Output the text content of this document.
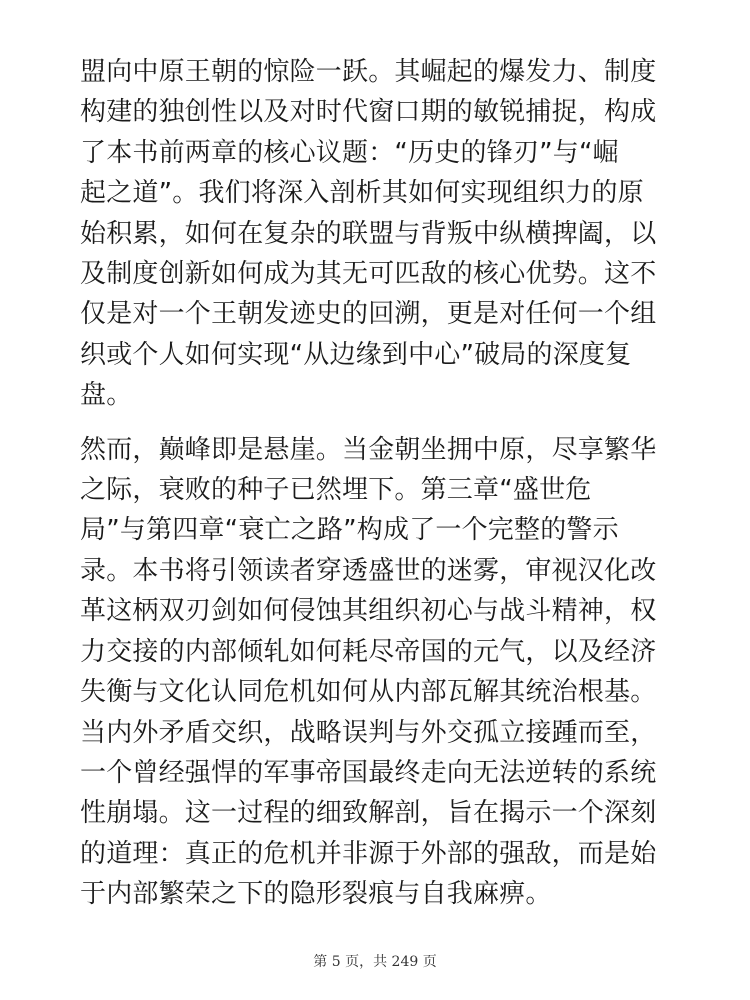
盟向中原王朝的惊险一跃。其崛起的爆发力、制度
构建的独创性以及对时代窗口期的敏锐捕捉，构成
了本书前两章的核心议题：“历史的锋刃”与“崛
起之道”。我们将深入剖析其如何实现组织力的原
始积累，如何在复杂的联盟与背叛中纵横捭阖，以
及制度创新如何成为其无可匹敌的核心优势。这不
仅是对一个王朝发迹史的回溯，更是对任何一个组
织或个人如何实现“从边缘到中心”破局的深度复
盘。
然而，巅峰即是悬崖。当金朝坐拥中原，尽享繁华
之际，衰败的种子已然埋下。第三章“盛世危
局”与第四章“衰亡之路”构成了一个完整的警示
录。本书将引领读者穿透盛世的迷雾，审视汉化改
革这柄双刃剑如何侵蚀其组织初心与战斗精神，权
力交接的内部倾轧如何耗尽帝国的元气，以及经济
失衡与文化认同危机如何从内部瓦解其统治根基。
当内外矛盾交织，战略误判与外交孤立接踵而至，
一个曾经强悍的军事帝国最终走向无法逆转的系统
性崩塌。这一过程的细致解剖，旨在揭示一个深刻
的道理：真正的危机并非源于外部的强敌，而是始
于内部繁荣之下的隐形裂痕与自我麻痹。
第 5 页，共 249 页
